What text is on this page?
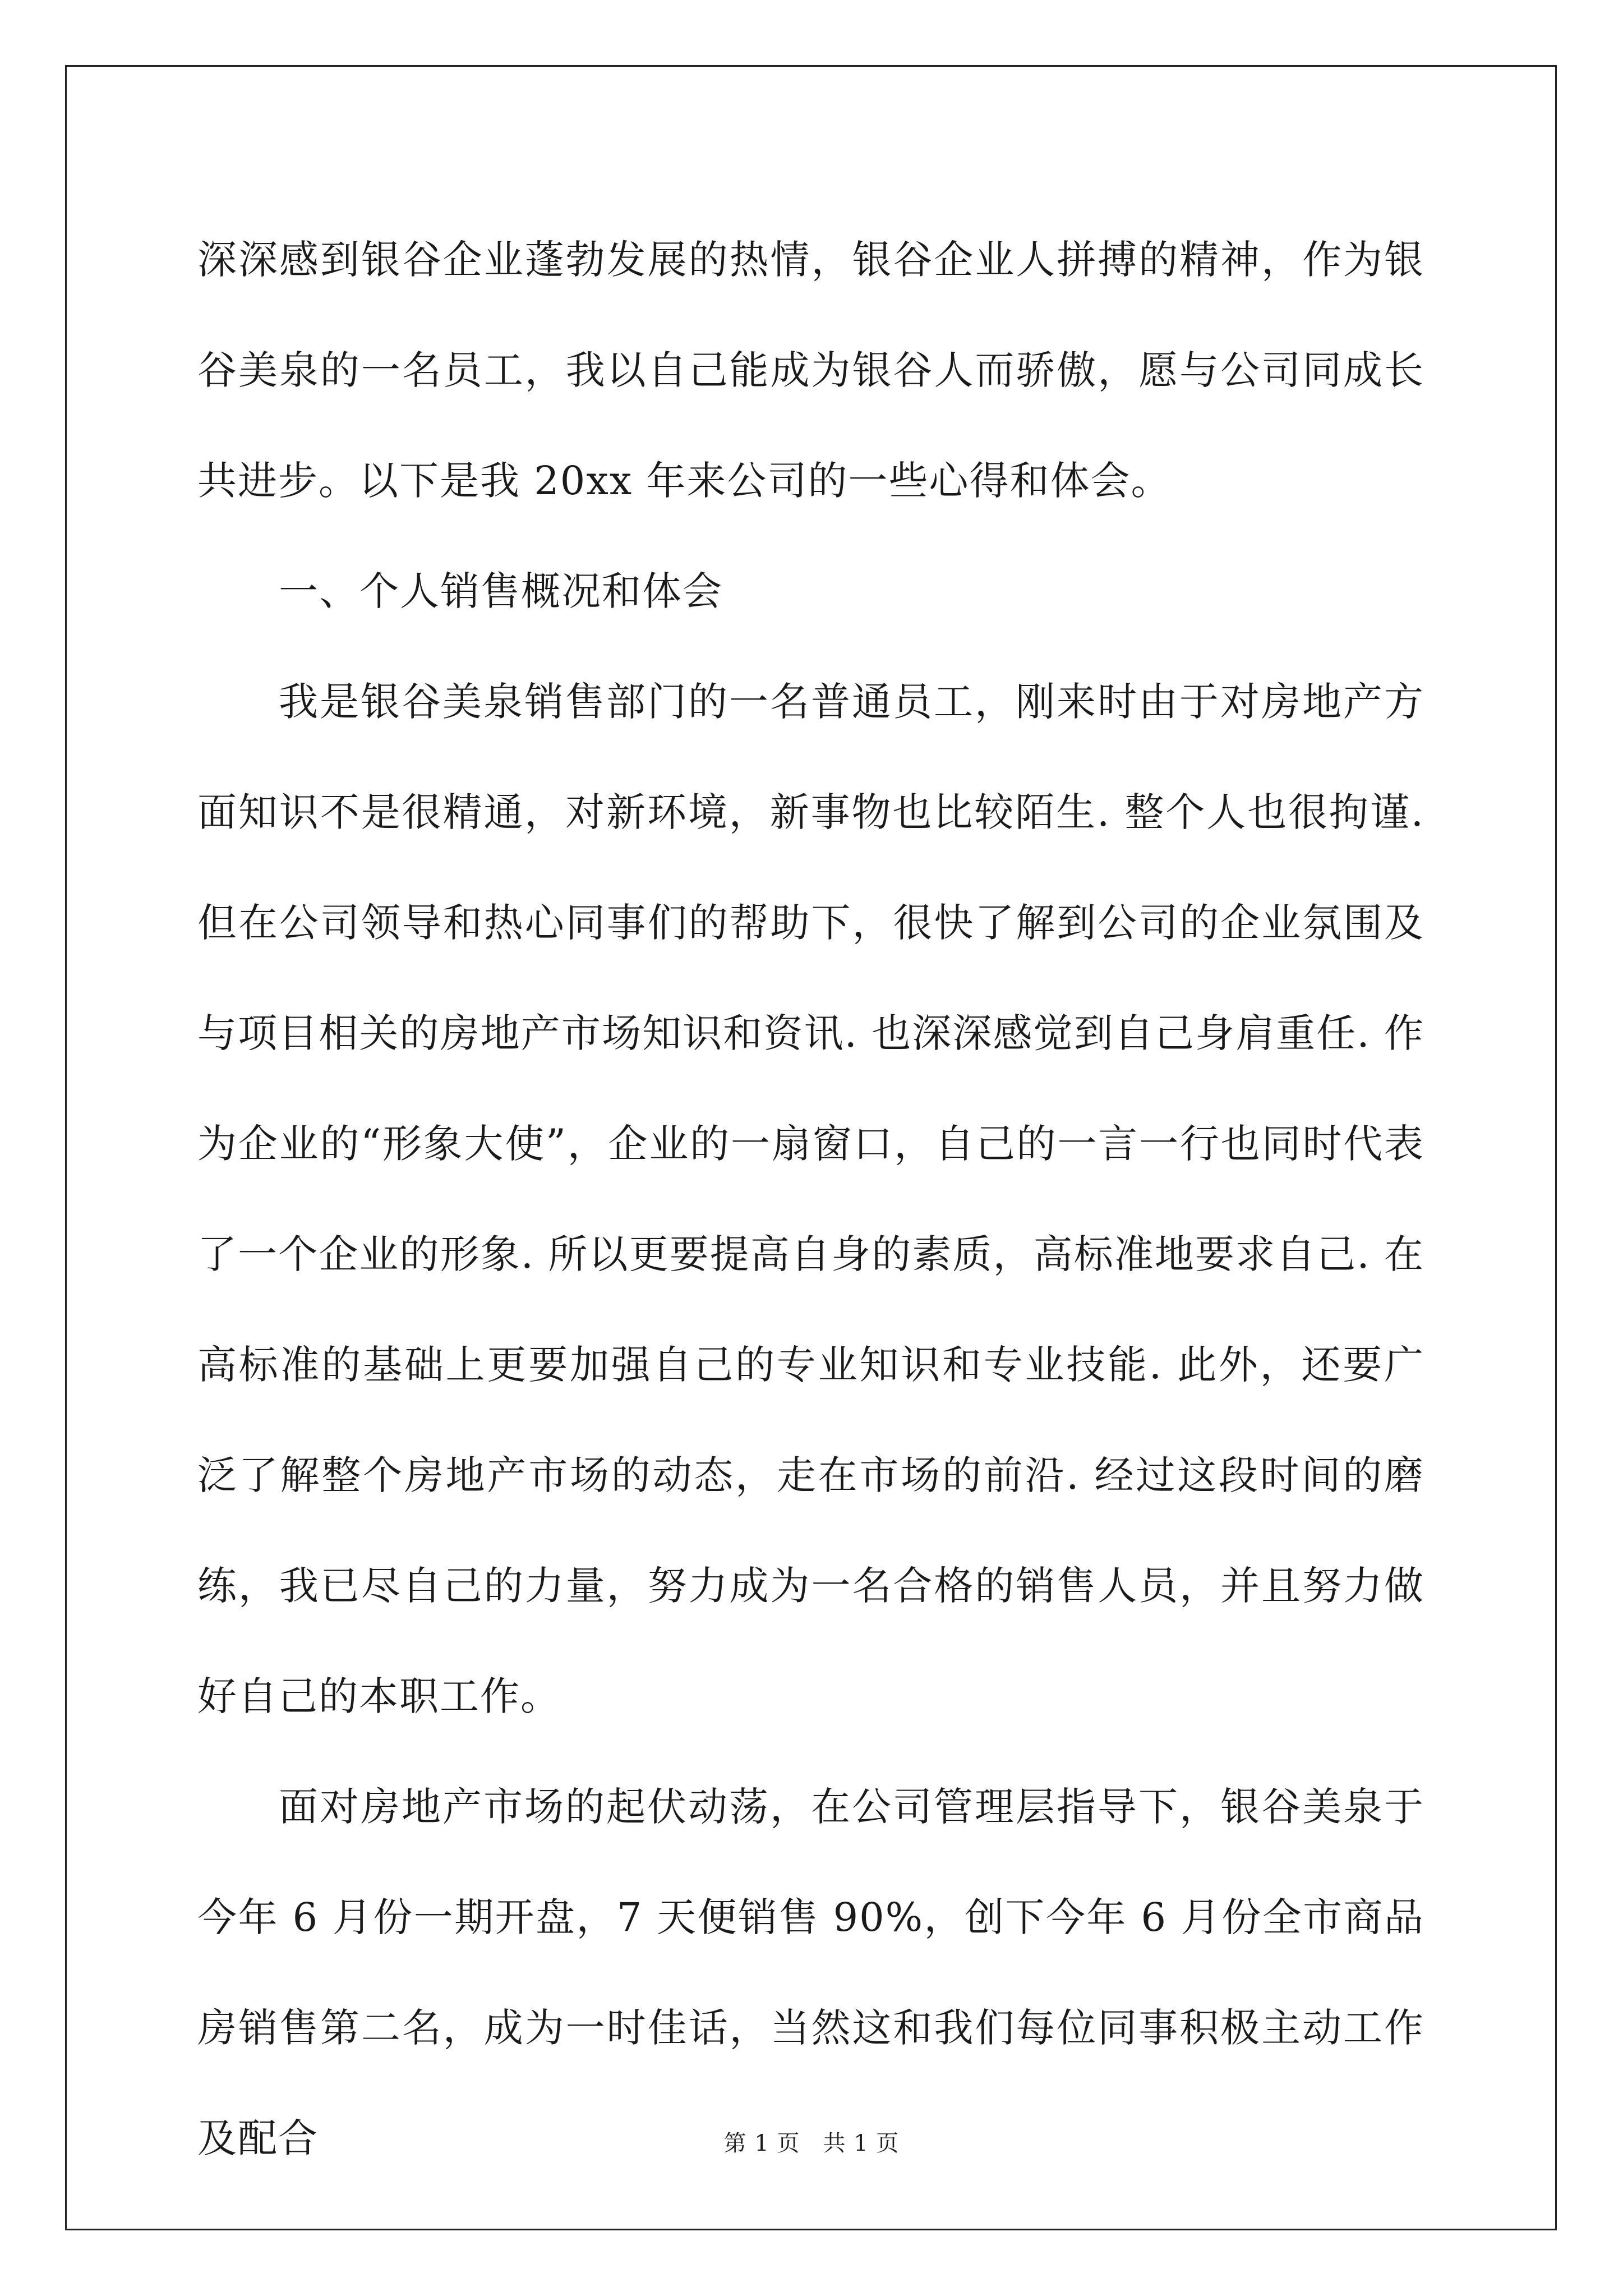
深深感到银谷企业蓬勃发展的热情，银谷企业人拼搏的精神，作为银谷美泉的一名员工，我以自己能成为银谷人而骄傲，愿与公司同成长共进步。以下是我 20xx 年来公司的一些心得和体会。

一、个人销售概况和体会

我是银谷美泉销售部门的一名普通员工，刚来时由于对房地产方面知识不是很精通，对新环境，新事物也比较陌生. 整个人也很拘谨. 但在公司领导和热心同事们的帮助下，很快了解到公司的企业氛围及与项目相关的房地产市场知识和资讯. 也深深感觉到自己身肩重任. 作为企业的“形象大使”，企业的一扇窗口，自己的一言一行也同时代表了一个企业的形象. 所以更要提高自身的素质，高标准地要求自己. 在高标准的基础上更要加强自己的专业知识和专业技能. 此外，还要广泛了解整个房地产市场的动态，走在市场的前沿. 经过这段时间的磨练，我已尽自己的力量，努力成为一名合格的销售人员，并且努力做好自己的本职工作。

面对房地产市场的起伏动荡，在公司管理层指导下，银谷美泉于今年 6 月份一期开盘，7 天便销售 90%，创下今年 6 月份全市商品房销售第二名，成为一时佳话，当然这和我们每位同事积极主动工作及配合	第 1 页　共 1 页
